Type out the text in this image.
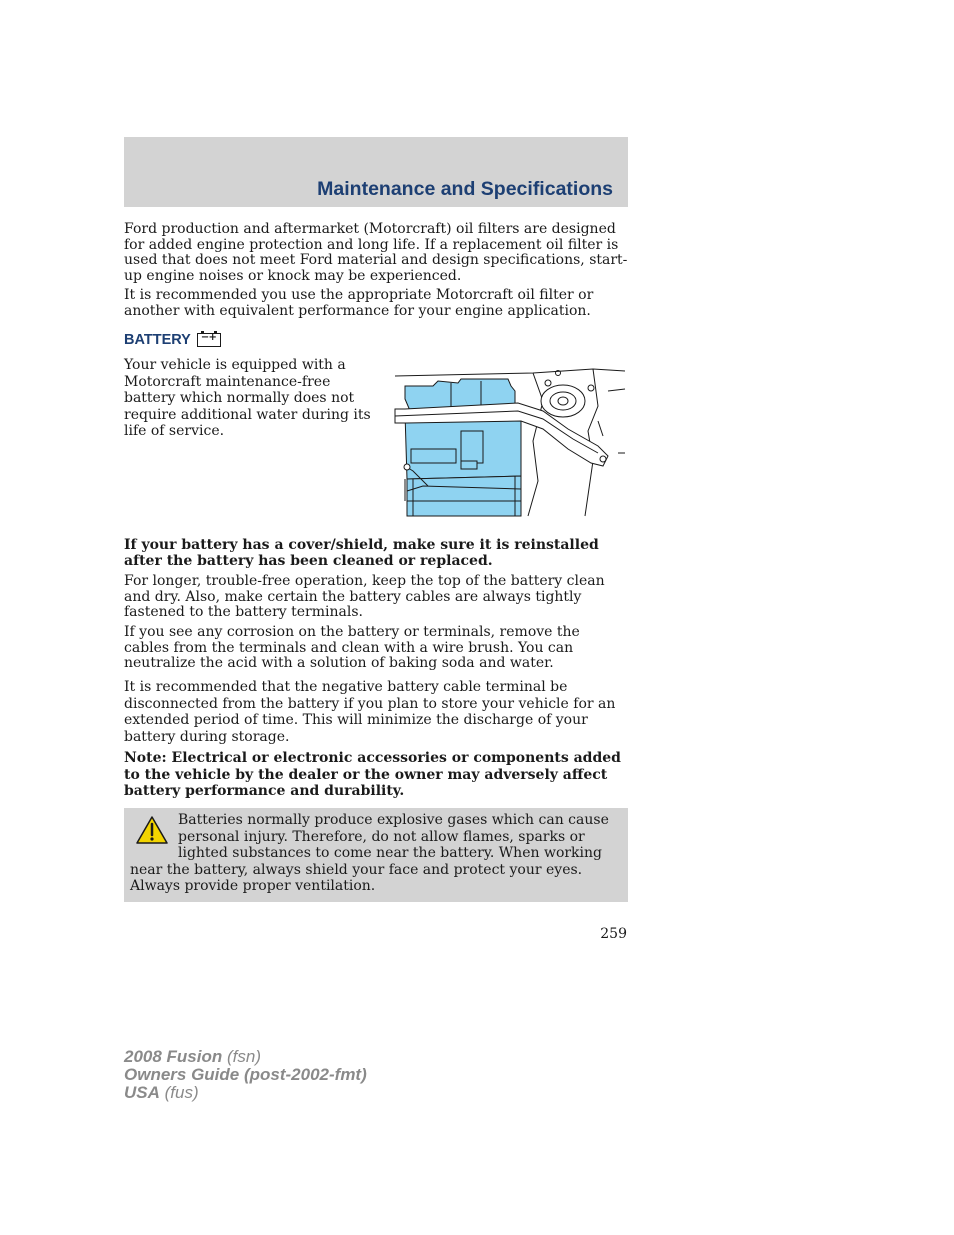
Maintenance and Specifications

Ford production and aftermarket (Motorcraft) oil filters are designed for added engine protection and long life. If a replacement oil filter is used that does not meet Ford material and design specifications, start-up engine noises or knock may be experienced.

It is recommended you use the appropriate Motorcraft oil filter or another with equivalent performance for your engine application.

BATTERY − +

Your vehicle is equipped with a Motorcraft maintenance-free battery which normally does not require additional water during its life of service.

If your battery has a cover/shield, make sure it is reinstalled after the battery has been cleaned or replaced.

For longer, trouble-free operation, keep the top of the battery clean and dry. Also, make certain the battery cables are always tightly fastened to the battery terminals.

If you see any corrosion on the battery or terminals, remove the cables from the terminals and clean with a wire brush. You can neutralize the acid with a solution of baking soda and water.

It is recommended that the negative battery cable terminal be disconnected from the battery if you plan to store your vehicle for an extended period of time. This will minimize the discharge of your battery during storage.

Note: Electrical or electronic accessories or components added to the vehicle by the dealer or the owner may adversely affect battery performance and durability.

Batteries normally produce explosive gases which can cause personal injury. Therefore, do not allow flames, sparks or lighted substances to come near the battery. When working near the battery, always shield your face and protect your eyes. Always provide proper ventilation.

259

2008 Fusion (fsn)
Owners Guide (post-2002-fmt)
USA (fus)
